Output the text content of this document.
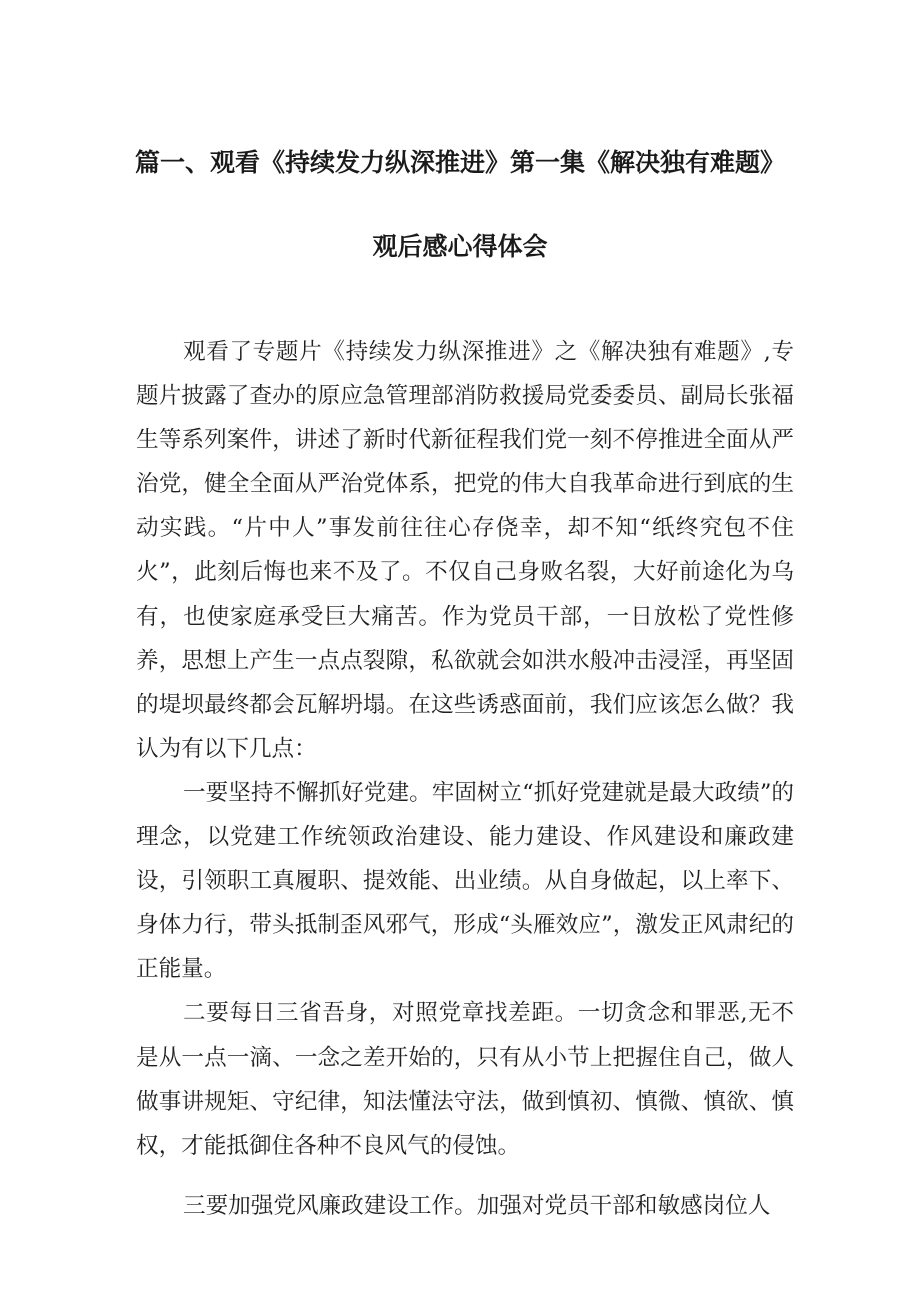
篇一、观看《持续发力纵深推进》第一集《解决独有难题》
观后感心得体会

观看了专题片《持续发力纵深推进》之《解决独有难题》,专题片披露了查办的原应急管理部消防救援局党委委员、副局长张福生等系列案件，讲述了新时代新征程我们党一刻不停推进全面从严治党，健全全面从严治党体系，把党的伟大自我革命进行到底的生动实践。“片中人”事发前往往心存侥幸，却不知“纸终究包不住火”，此刻后悔也来不及了。不仅自己身败名裂，大好前途化为乌有，也使家庭承受巨大痛苦。作为党员干部，一日放松了党性修养，思想上产生一点点裂隙，私欲就会如洪水般冲击浸淫，再坚固的堤坝最终都会瓦解坍塌。在这些诱惑面前，我们应该怎么做？我认为有以下几点：

一要坚持不懈抓好党建。牢固树立“抓好党建就是最大政绩”的理念，以党建工作统领政治建设、能力建设、作风建设和廉政建设，引领职工真履职、提效能、出业绩。从自身做起，以上率下、身体力行，带头抵制歪风邪气，形成“头雁效应”，激发正风肃纪的正能量。

二要每日三省吾身，对照党章找差距。一切贪念和罪恶,无不是从一点一滴、一念之差开始的，只有从小节上把握住自己，做人做事讲规矩、守纪律，知法懂法守法，做到慎初、慎微、慎欲、慎权，才能抵御住各种不良风气的侵蚀。

三要加强党风廉政建设工作。加强对党员干部和敏感岗位人
